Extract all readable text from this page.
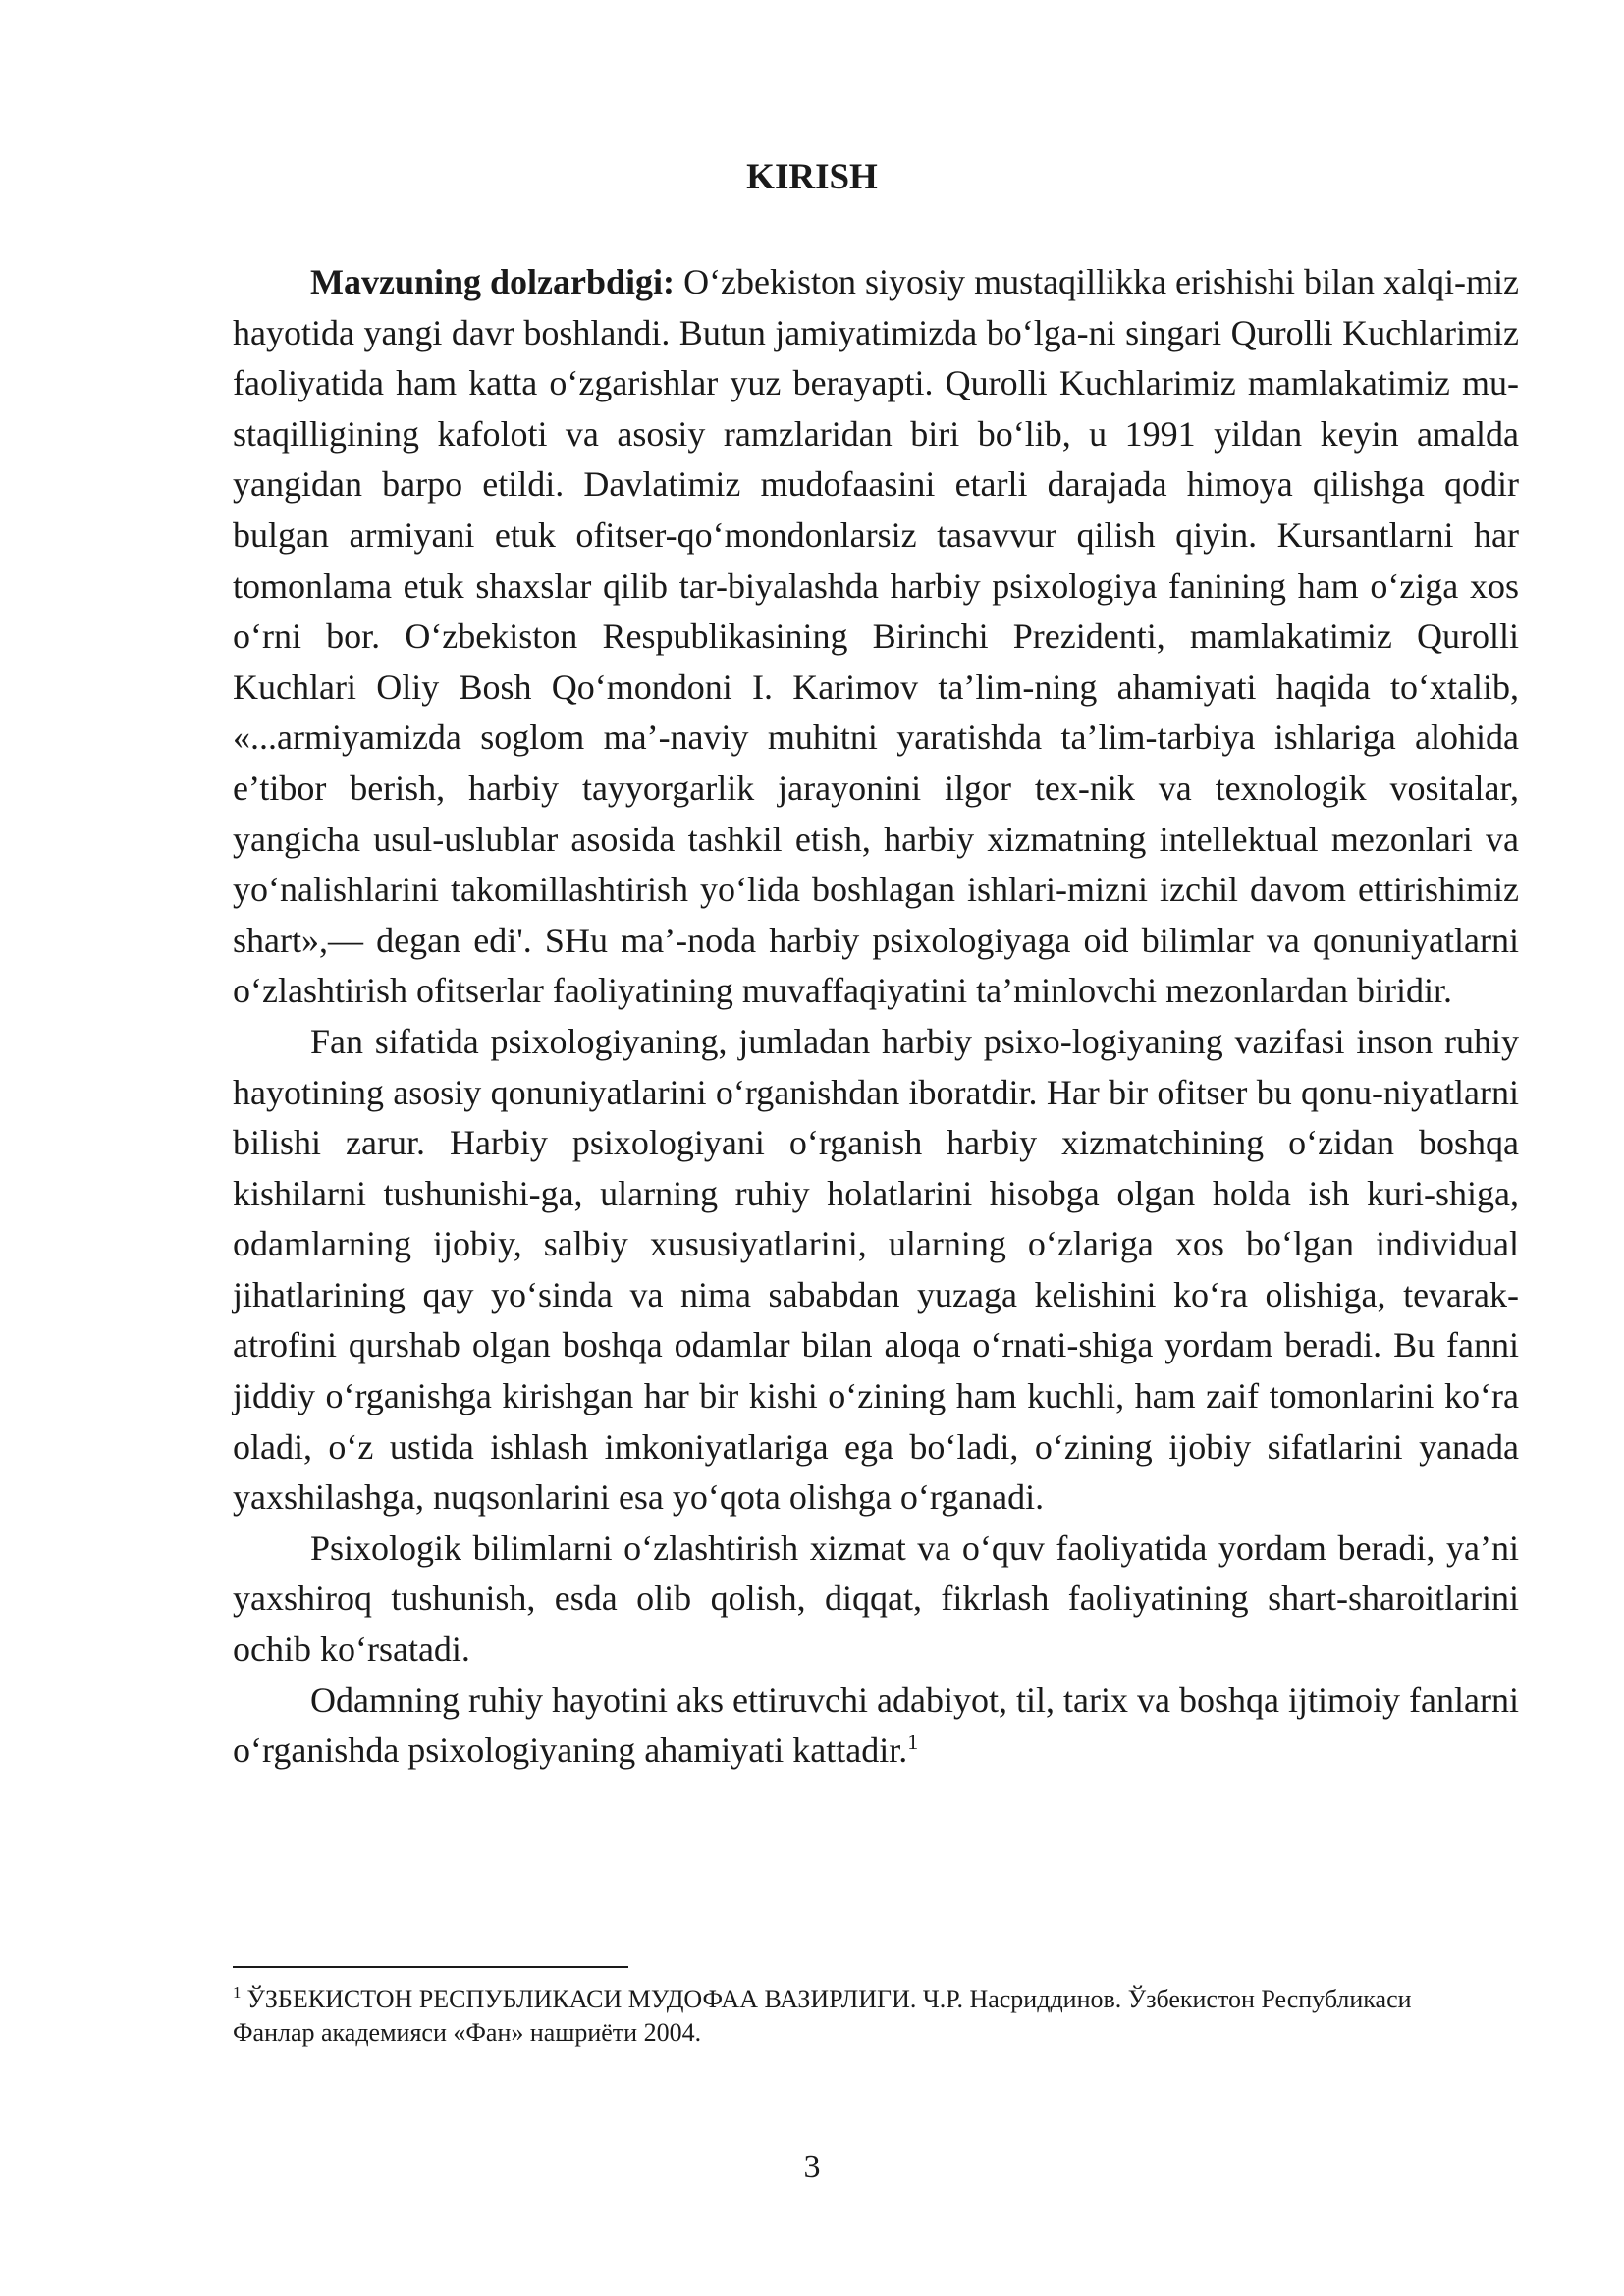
KIRISH

Mavzuning dolzarbdigi: O‘zbekiston siyosiy mustaqillikka erishishi bilan xalqi-miz hayotida yangi davr boshlandi. Butun jamiyatimizda bo‘lga-ni singari Qurolli Kuchlarimiz faoliyatida ham katta o‘zgarishlar yuz berayapti. Qurolli Kuchlarimiz mamlakatimiz mu-staqilligining kafoloti va asosiy ramzlaridan biri bo‘lib, u 1991 yildan keyin amalda yangidan barpo etildi. Davlatimiz mudofaasini etarli darajada himoya qilishga qodir bulgan armiyani etuk ofitser-qo‘mondonlarsiz tasavvur qilish qiyin. Kursantlarni har tomonlama etuk shaxslar qilib tar-biyalashda harbiy psixologiya fanining ham o‘ziga xos o‘rni bor. O‘zbekiston Respublikasining Birinchi Prezidenti, mamlakatimiz Qurolli Kuchlari Oliy Bosh Qo‘mondoni I. Karimov ta’lim-ning ahamiyati haqida to‘xtalib, «...armiyamizda soglom ma’-naviy muhitni yaratishda ta’lim-tarbiya ishlariga alohida e’tibor berish, harbiy tayyorgarlik jarayonini ilgor tex-nik va texnologik vositalar, yangicha usul-uslublar asosida tashkil etish, harbiy xizmatning intellektual mezonlari va yo‘nalishlarini takomillashtirish yo‘lida boshlagan ishlari-mizni izchil davom ettirishimiz shart»,— degan edi'. SHu ma’-noda harbiy psixologiyaga oid bilimlar va qonuniyatlarni o‘zlashtirish ofitserlar faoliyatining muvaffaqiyatini ta’minlovchi mezonlardan biridir.

Fan sifatida psixologiyaning, jumladan harbiy psixo-logiyaning vazifasi inson ruhiy hayotining asosiy qonuniyatlarini o‘rganishdan iboratdir. Har bir ofitser bu qonu-niyatlarni bilishi zarur. Harbiy psixologiyani o‘rganish harbiy xizmatchining o‘zidan boshqa kishilarni tushunishi-ga, ularning ruhiy holatlarini hisobga olgan holda ish kuri-shiga, odamlarning ijobiy, salbiy xususiyatlarini, ularning o‘zlariga xos bo‘lgan individual jihatlarining qay yo‘sinda va nima sababdan yuzaga kelishini ko‘ra olishiga, tevarak-atrofini qurshab olgan boshqa odamlar bilan aloqa o‘rnati-shiga yordam beradi. Bu fanni jiddiy o‘rganishga kirishgan har bir kishi o‘zining ham kuchli, ham zaif tomonlarini ko‘ra oladi, o‘z ustida ishlash imkoniyatlariga ega bo‘ladi, o‘zining ijobiy sifatlarini yanada yaxshilashga, nuqsonlarini esa yo‘qota olishga o‘rganadi.

Psixologik bilimlarni o‘zlashtirish xizmat va o‘quv faoliyatida yordam beradi, ya’ni yaxshiroq tushunish, esda olib qolish, diqqat, fikrlash faoliyatining shart-sharoitlarini ochib ko‘rsatadi.

Odamning ruhiy hayotini aks ettiruvchi adabiyot, til, tarix va boshqa ijtimoiy fanlarni o‘rganishda psixologiyaning ahamiyati kattadir.$^1$

$^1$ ЎЗБЕКИСТОН РЕСПУБЛИКАСИ МУДОФАА ВАЗИРЛИГИ. Ч.Р. Насриддинов. Ўзбекистон Республикаси Фанлар академияси «Фан» нашриёти 2004.

3
